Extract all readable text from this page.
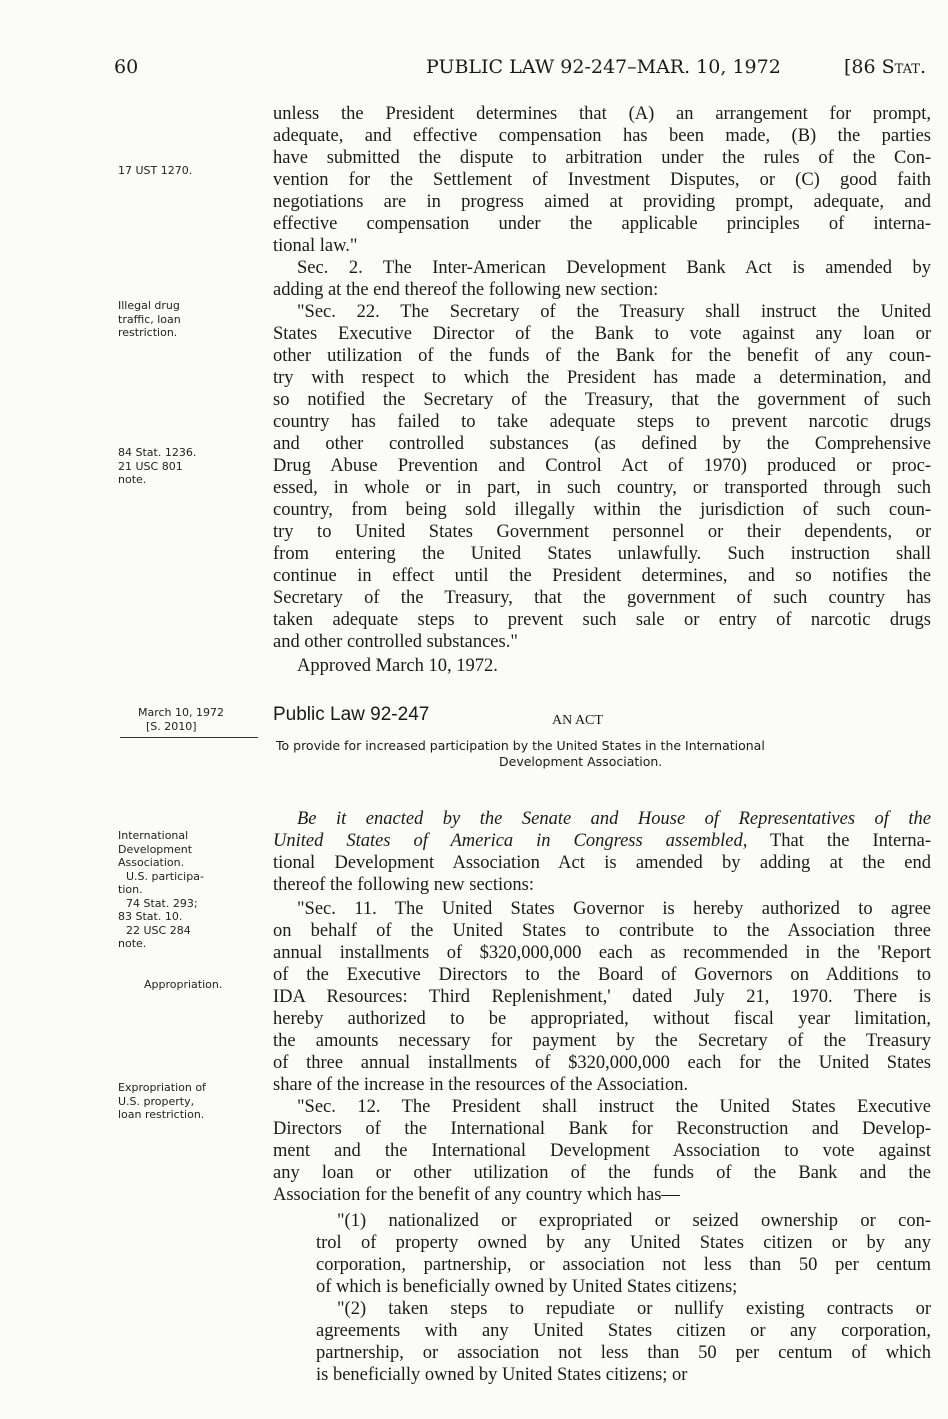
60	PUBLIC LAW 92-247–MAR. 10, 1972	[86 Stat.
17 UST 1270.
Illegal drug
traffic, loan
restriction.
84 Stat. 1236.
21 USC 801
note.
March 10, 1972
[S. 2010]
International
Development
Association.
U.S. participa-
tion.
74 Stat. 293;
83 Stat. 10.
22 USC 284
note.
Appropriation.
Expropriation of
U.S. property,
loan restriction.
unless the President determines that (A) an arrangement for prompt,
adequate, and effective compensation has been made, (B) the parties
have submitted the dispute to arbitration under the rules of the Con-
vention for the Settlement of Investment Disputes, or (C) good faith
negotiations are in progress aimed at providing prompt, adequate, and
effective compensation under the applicable principles of interna-
tional law."
Sec. 2. The Inter-American Development Bank Act is amended by
adding at the end thereof the following new section:
"Sec. 22. The Secretary of the Treasury shall instruct the United
States Executive Director of the Bank to vote against any loan or
other utilization of the funds of the Bank for the benefit of any coun-
try with respect to which the President has made a determination, and
so notified the Secretary of the Treasury, that the government of such
country has failed to take adequate steps to prevent narcotic drugs
and other controlled substances (as defined by the Comprehensive
Drug Abuse Prevention and Control Act of 1970) produced or proc-
essed, in whole or in part, in such country, or transported through such
country, from being sold illegally within the jurisdiction of such coun-
try to United States Government personnel or their dependents, or
from entering the United States unlawfully. Such instruction shall
continue in effect until the President determines, and so notifies the
Secretary of the Treasury, that the government of such country has
taken adequate steps to prevent such sale or entry of narcotic drugs
and other controlled substances."
Approved March 10, 1972.
Public Law 92-247	AN ACT
To provide for increased participation by the United States in the International
Development Association.
Be it enacted by the Senate and House of Representatives of the
United States of America in Congress assembled, That the Interna-
tional Development Association Act is amended by adding at the end
thereof the following new sections:
"Sec. 11. The United States Governor is hereby authorized to agree
on behalf of the United States to contribute to the Association three
annual installments of $320,000,000 each as recommended in the 'Report
of the Executive Directors to the Board of Governors on Additions to
IDA Resources: Third Replenishment,' dated July 21, 1970. There is
hereby authorized to be appropriated, without fiscal year limitation,
the amounts necessary for payment by the Secretary of the Treasury
of three annual installments of $320,000,000 each for the United States
share of the increase in the resources of the Association.
"Sec. 12. The President shall instruct the United States Executive
Directors of the International Bank for Reconstruction and Develop-
ment and the International Development Association to vote against
any loan or other utilization of the funds of the Bank and the
Association for the benefit of any country which has—
"(1) nationalized or expropriated or seized ownership or con-
trol of property owned by any United States citizen or by any
corporation, partnership, or association not less than 50 per centum
of which is beneficially owned by United States citizens;
"(2) taken steps to repudiate or nullify existing contracts or
agreements with any United States citizen or any corporation,
partnership, or association not less than 50 per centum of which
is beneficially owned by United States citizens; or
